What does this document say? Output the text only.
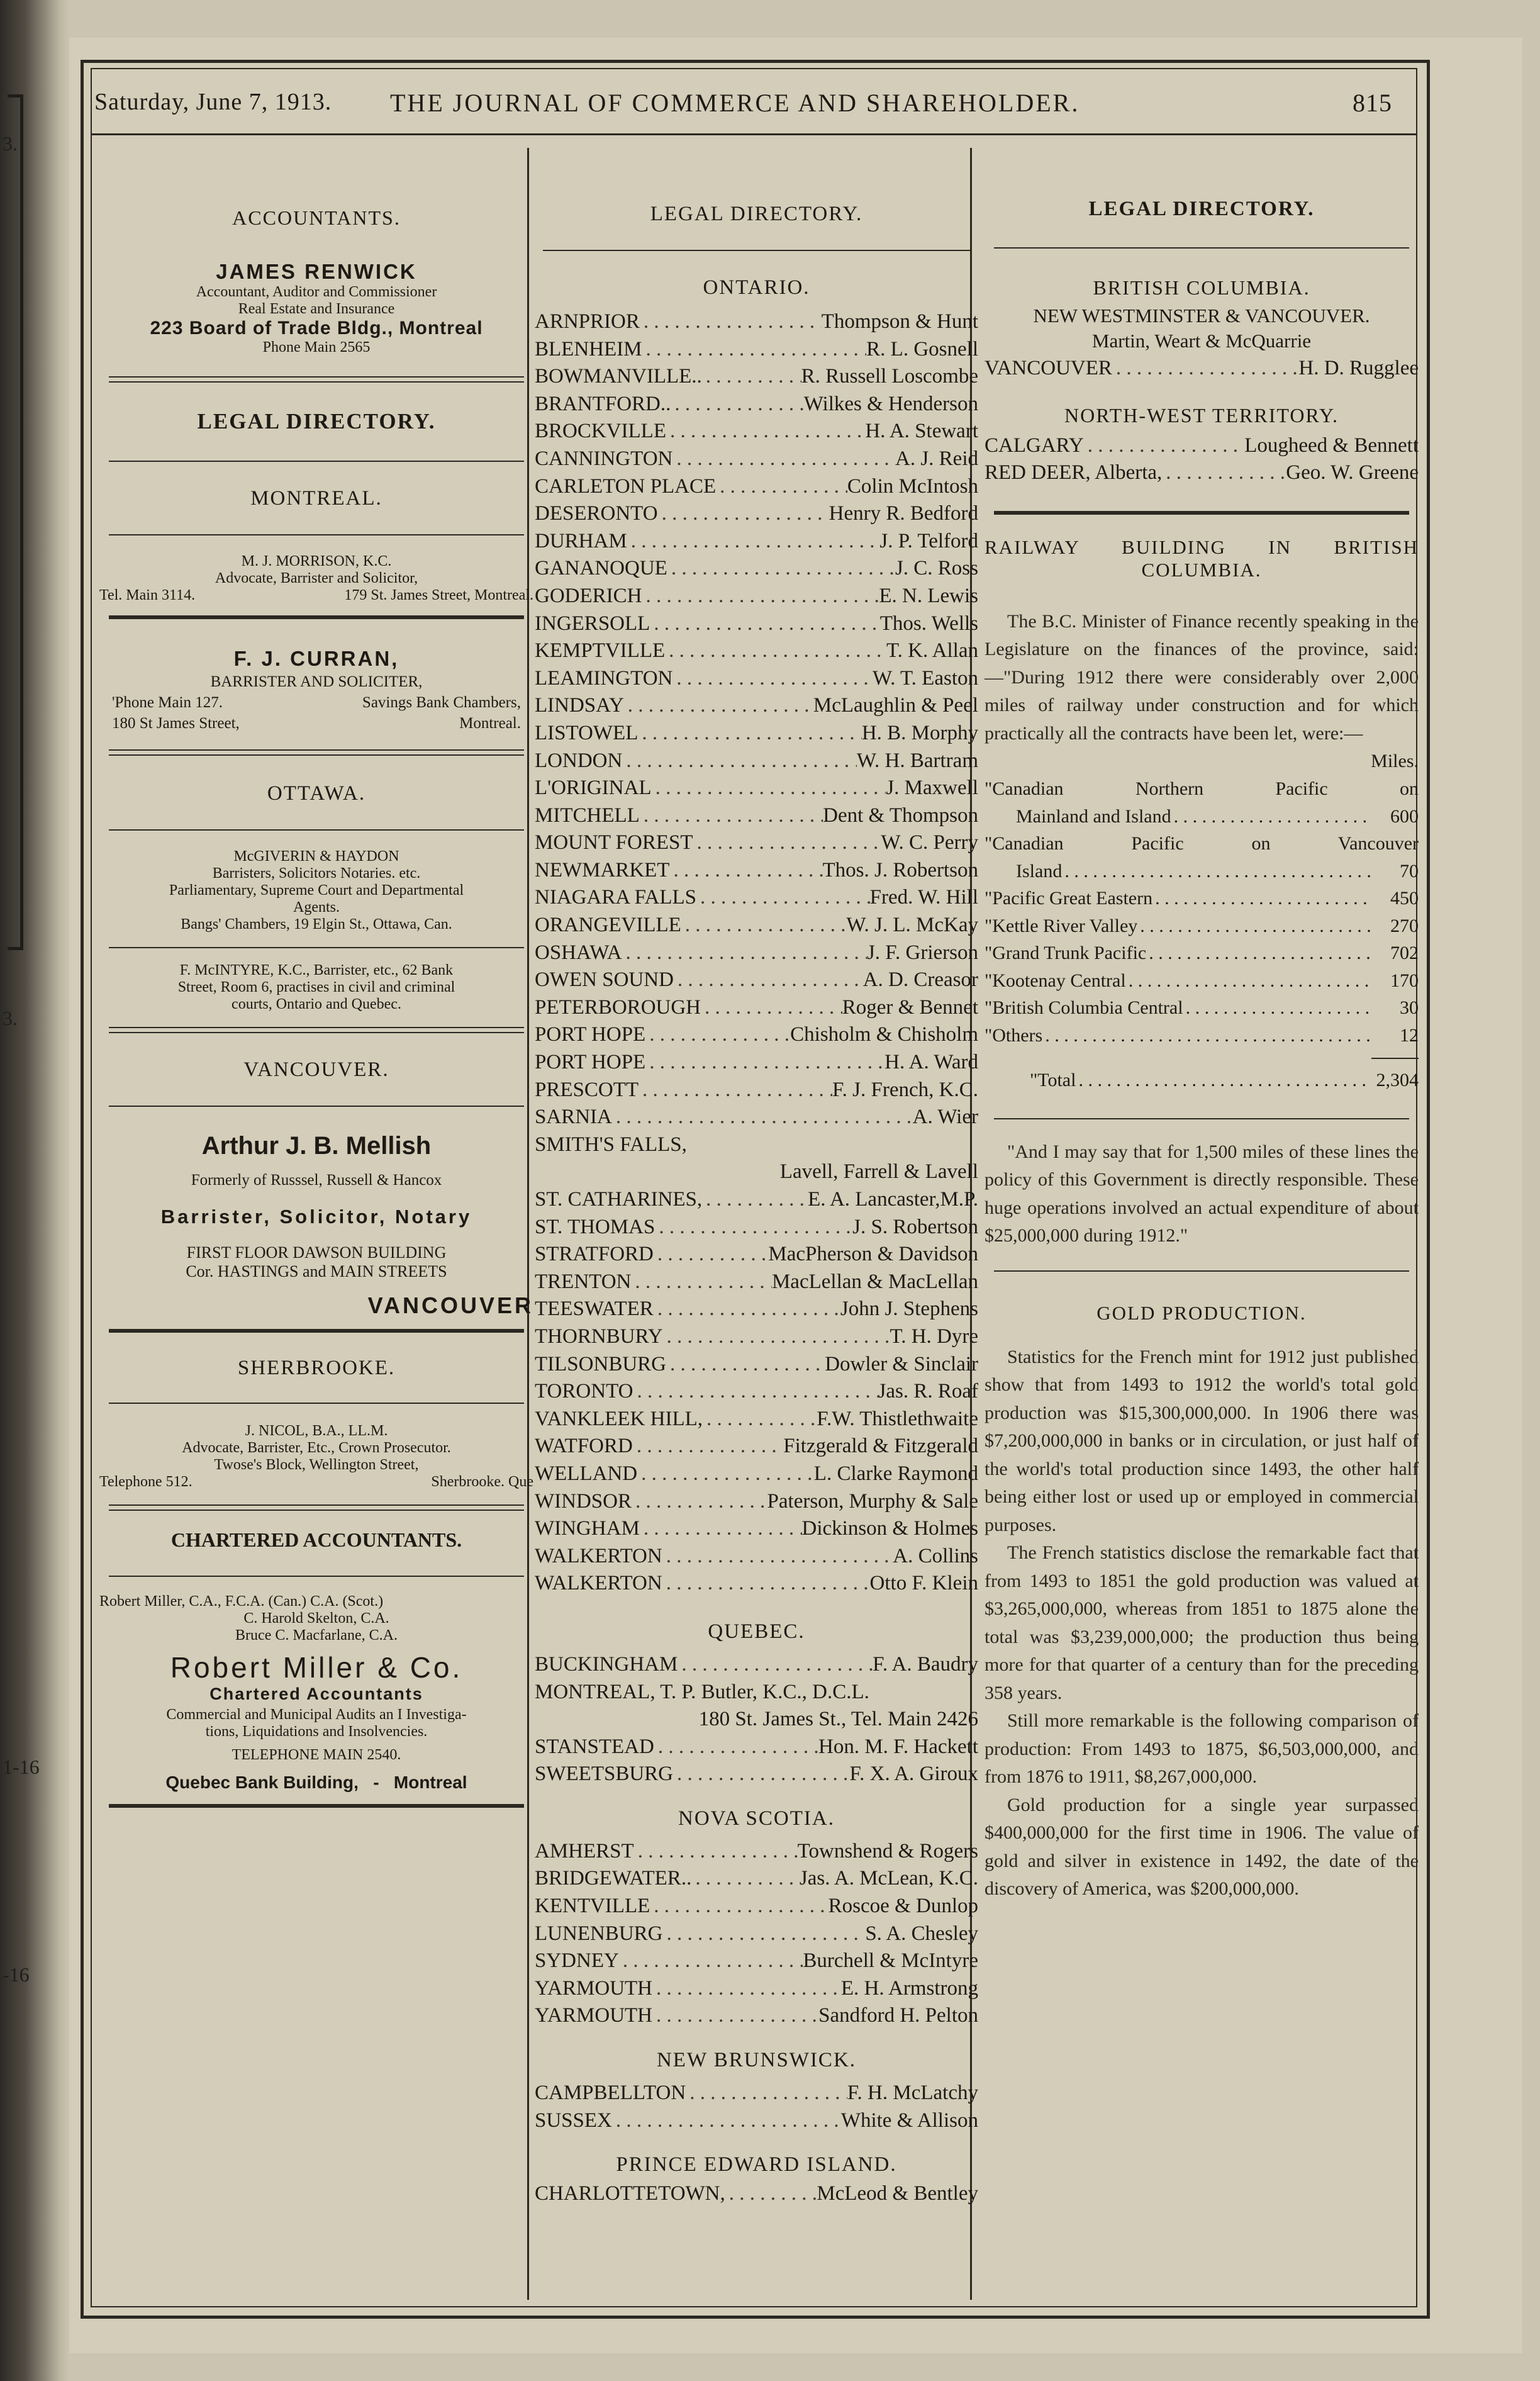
3.
3.
1-16
-16
Saturday, June 7, 1913. THE JOURNAL OF COMMERCE AND SHAREHOLDER.	815
ACCOUNTANTS.
JAMES RENWICK
Accountant, Auditor and Commissioner
Real Estate and Insurance
223 Board of Trade Bldg., Montreal
Phone Main 2565
LEGAL DIRECTORY.
MONTREAL.
M. J. MORRISON, K.C.
Advocate, Barrister and Solicitor,
Tel. Main 3114.	179 St. James Street, Montreal.
F. J. CURRAN,
BARRISTER AND SOLICITER,
'Phone Main 127.	Savings Bank Chambers,
180 St James Street,	Montreal.
OTTAWA.
McGIVERIN & HAYDON
Barristers, Solicitors Notaries. etc.
Parliamentary, Supreme Court and Departmental
Agents.
Bangs' Chambers, 19 Elgin St., Ottawa, Can.
F. McINTYRE, K.C., Barrister, etc., 62 Bank
Street, Room 6, practises in civil and criminal
courts, Ontario and Quebec.
VANCOUVER.
Arthur J. B. Mellish
Formerly of Russsel, Russell & Hancox
Barrister, Solicitor, Notary
FIRST FLOOR DAWSON BUILDING
Cor. HASTINGS and MAIN STREETS
VANCOUVER
SHERBROOKE.
J. NICOL, B.A., LL.M.
Advocate, Barrister, Etc., Crown Prosecutor.
Twose's Block, Wellington Street,
Telephone 512.	Sherbrooke. Que
CHARTERED ACCOUNTANTS.
Robert Miller, C.A., F.C.A. (Can.) C.A. (Scot.)
C. Harold Skelton, C.A.
Bruce C. Macfarlane, C.A.
Robert Miller & Co.
Chartered Accountants
Commercial and Municipal Audits an I Investiga-
tions, Liquidations and Insolvencies.
TELEPHONE MAIN 2540.
Quebec Bank Building,   -   Montreal
LEGAL DIRECTORY.
ONTARIO.
ARNPRIOR . . .	Thompson & Hunt
BLENHEIM . . .	R. L. Gosnell
BOWMANVILLE.. . . .	R. Russell Loscombe
BRANTFORD.. . . .	Wilkes & Henderson
BROCKVILLE . . .	H. A. Stewart
CANNINGTON . . .	A. J. Reid
CARLETON PLACE . . .	Colin McIntosh
DESERONTO . . .	Henry R. Bedford
DURHAM . . .	J. P. Telford
GANANOQUE . . .	J. C. Ross
GODERICH . . .	E. N. Lewis
INGERSOLL . . .	Thos. Wells
KEMPTVILLE . . .	T. K. Allan
LEAMINGTON . . .	W. T. Easton
LINDSAY . . .	McLaughlin & Peel
LISTOWEL . . .	H. B. Morphy
LONDON . . .	W. H. Bartram
L'ORIGINAL . . .	J. Maxwell
MITCHELL . . .	Dent & Thompson
MOUNT FOREST . . .	W. C. Perry
NEWMARKET . . .	Thos. J. Robertson
NIAGARA FALLS . . .	Fred. W. Hill
ORANGEVILLE . . .	W. J. L. McKay
OSHAWA . . .	J. F. Grierson
OWEN SOUND . . .	A. D. Creasor
PETERBOROUGH . . .	Roger & Bennet
PORT HOPE . . .	Chisholm & Chisholm
PORT HOPE . . .	H. A. Ward
PRESCOTT . . .	F. J. French, K.C.
SARNIA . . .	A. Wier
SMITH'S FALLS,
Lavell, Farrell & Lavell
ST. CATHARINES, . . .	E. A. Lancaster,M.P.
ST. THOMAS . . .	J. S. Robertson
STRATFORD . . .	MacPherson & Davidson
TRENTON . . .	MacLellan & MacLellan
TEESWATER . . .	John J. Stephens
THORNBURY . . .	T. H. Dyre
TILSONBURG . . .	Dowler & Sinclair
TORONTO . . .	Jas. R. Roaf
VANKLEEK HILL, . . .	F.W. Thistlethwaite
WATFORD . . .	Fitzgerald & Fitzgerald
WELLAND . . .	L. Clarke Raymond
WINDSOR . . .	Paterson, Murphy & Sale
WINGHAM . . .	Dickinson & Holmes
WALKERTON . . .	A. Collins
WALKERTON . . .	Otto F. Klein
QUEBEC.
BUCKINGHAM . . .	F. A. Baudry
MONTREAL, T. P. Butler, K.C., D.C.L.
180 St. James St., Tel. Main 2426
STANSTEAD . . .	Hon. M. F. Hackett
SWEETSBURG . . .	F. X. A. Giroux
NOVA SCOTIA.
AMHERST . . .	Townshend & Rogers
BRIDGEWATER.. . . .	Jas. A. McLean, K.C.
KENTVILLE . . .	Roscoe & Dunlop
LUNENBURG . . .	S. A. Chesley
SYDNEY . . .	Burchell & McIntyre
YARMOUTH . . .	E. H. Armstrong
YARMOUTH . . .	Sandford H. Pelton
NEW BRUNSWICK.
CAMPBELLTON . . .	F. H. McLatchy
SUSSEX . . .	White & Allison
PRINCE EDWARD ISLAND.
CHARLOTTETOWN, . . .	McLeod & Bentley
LEGAL DIRECTORY.
BRITISH COLUMBIA.
NEW WESTMINSTER & VANCOUVER.
Martin, Weart & McQuarrie
VANCOUVER . . .	H. D. Rugglee
NORTH-WEST TERRITORY.
CALGARY . . .	Lougheed & Bennett
RED DEER, Alberta, . . .	Geo. W. Greene
RAILWAY BUILDING IN BRITISH
COLUMBIA.

The B.C. Minister of Finance recently speaking in the Legislature on the finances of the province, said:—"During 1912 there were considerably over 2,000 miles of railway under construction and for which practically all the contracts have been let, were:—

Miles.
"Canadian Northern Pacific on
Mainland and Island . . .	600
"Canadian Pacific on Vancouver
Island . . .	70
"Pacific Great Eastern . . .	450
"Kettle River Valley . . .	270
"Grand Trunk Pacific . . .	702
"Kootenay Central . . .	170
"British Columbia Central . . .	30
"Others . . .	12
"Total . . .	2,304

"And I may say that for 1,500 miles of these lines the policy of this Government is directly responsible. These huge operations involved an actual expenditure of about $25,000,000 during 1912."

GOLD PRODUCTION.

Statistics for the French mint for 1912 just published show that from 1493 to 1912 the world's total gold production was $15,300,000,000. In 1906 there was $7,200,000,000 in banks or in circulation, or just half of the world's total production since 1493, the other half being either lost or used up or employed in commercial purposes.

The French statistics disclose the remarkable fact that from 1493 to 1851 the gold production was valued at $3,265,000,000, whereas from 1851 to 1875 alone the total was $3,239,000,000; the production thus being more for that quarter of a century than for the preceding 358 years.

Still more remarkable is the following comparison of production: From 1493 to 1875, $6,503,000,000, and from 1876 to 1911, $8,267,000,000.

Gold production for a single year surpassed $400,000,000 for the first time in 1906. The value of gold and silver in existence in 1492, the date of the discovery of America, was $200,000,000.
